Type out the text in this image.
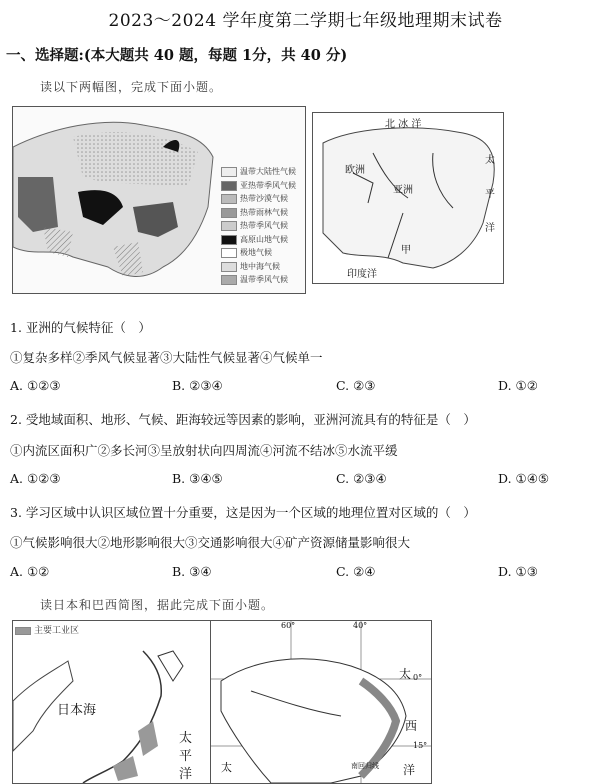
2023～2024 学年度第二学期七年级地理期末试卷
一、选择题:(本大题共 40 题，每题 1分，共 40 分)
读以下两幅图，完成下面小题。
温带大陆性气候
亚热带季风气候
热带沙漠气候
热带雨林气候
热带季风气候
高原山地气候
极地气候
地中海气候
温带季风气候
北 冰 洋
欧洲
亚洲
甲
印度洋
太
平
洋
1. 亚洲的气候特征（　）
①复杂多样②季风气候显著③大陆性气候显著④气候单一
A. ①②③	B. ②③④	C. ②③	D. ①②
2. 受地域面积、地形、气候、距海较远等因素的影响，亚洲河流具有的特征是（　）
①内流区面积广②多长河③呈放射状向四周流④河流不结冰⑤水流平缓
A. ①②③	B. ③④⑤	C. ②③④	D. ①④⑤
3. 学习区域中认识区域位置十分重要，这是因为一个区域的地理位置对区域的（　）
①气候影响很大②地形影响很大③交通影响很大④矿产资源储量影响很大
A. ①②	B. ③④	C. ②④	D. ①③
读日本和巴西简图，据此完成下面小题。
主要工业区
日本海
太
平
洋
60°	40°
0°
15°
太
西
洋
南回归线
太
